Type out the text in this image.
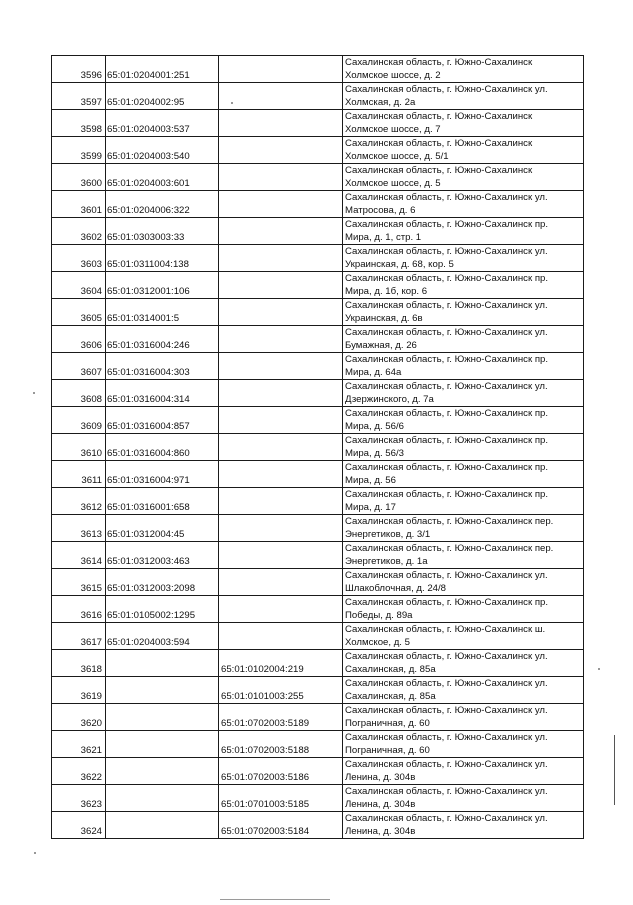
3596	65:01:0204001:251		Сахалинская область, г. Южно-Сахалинск
Холмское шоссе, д. 2

3597	65:01:0204002:95		Сахалинская область, г. Южно-Сахалинск ул.
Холмская, д. 2а

3598	65:01:0204003:537		Сахалинская область, г. Южно-Сахалинск
Холмское шоссе, д. 7

3599	65:01:0204003:540		Сахалинская область, г. Южно-Сахалинск
Холмское шоссе, д. 5/1

3600	65:01:0204003:601		Сахалинская область, г. Южно-Сахалинск
Холмское шоссе, д. 5

3601	65:01:0204006:322		Сахалинская область, г. Южно-Сахалинск ул.
Матросова, д. 6

3602	65:01:0303003:33		Сахалинская область, г. Южно-Сахалинск пр.
Мира, д. 1, стр. 1

3603	65:01:0311004:138		Сахалинская область, г. Южно-Сахалинск ул.
Украинская, д. 68, кор. 5

3604	65:01:0312001:106		Сахалинская область, г. Южно-Сахалинск пр.
Мира, д. 1б, кор. 6

3605	65:01:0314001:5		Сахалинская область, г. Южно-Сахалинск ул.
Украинская, д. 6в

3606	65:01:0316004:246		Сахалинская область, г. Южно-Сахалинск ул.
Бумажная, д. 26

3607	65:01:0316004:303		Сахалинская область, г. Южно-Сахалинск пр.
Мира, д. 64а

3608	65:01:0316004:314		Сахалинская область, г. Южно-Сахалинск ул.
Дзержинского, д. 7а

3609	65:01:0316004:857		Сахалинская область, г. Южно-Сахалинск пр.
Мира, д. 56/6

3610	65:01:0316004:860		Сахалинская область, г. Южно-Сахалинск пр.
Мира, д. 56/3

3611	65:01:0316004:971		Сахалинская область, г. Южно-Сахалинск пр.
Мира, д. 56

3612	65:01:0316001:658		Сахалинская область, г. Южно-Сахалинск пр.
Мира, д. 17

3613	65:01:0312004:45		Сахалинская область, г. Южно-Сахалинск пер.
Энергетиков, д. 3/1

3614	65:01:0312003:463		Сахалинская область, г. Южно-Сахалинск пер.
Энергетиков, д. 1а

3615	65:01:0312003:2098		Сахалинская область, г. Южно-Сахалинск ул.
Шлакоблочная, д. 24/8

3616	65:01:0105002:1295		Сахалинская область, г. Южно-Сахалинск пр.
Победы, д. 89а

3617	65:01:0204003:594		Сахалинская область, г. Южно-Сахалинск ш.
Холмское, д. 5

3618		65:01:0102004:219	Сахалинская область, г. Южно-Сахалинск ул.
Сахалинская, д. 85а

3619		65:01:0101003:255	Сахалинская область, г. Южно-Сахалинск ул.
Сахалинская, д. 85а

3620		65:01:0702003:5189	Сахалинская область, г. Южно-Сахалинск ул.
Пограничная, д. 60

3621		65:01:0702003:5188	Сахалинская область, г. Южно-Сахалинск ул.
Пограничная, д. 60

3622		65:01:0702003:5186	Сахалинская область, г. Южно-Сахалинск ул.
Ленина, д. 304в

3623		65:01:0701003:5185	Сахалинская область, г. Южно-Сахалинск ул.
Ленина, д. 304в

3624		65:01:0702003:5184	Сахалинская область, г. Южно-Сахалинск ул.
Ленина, д. 304в
